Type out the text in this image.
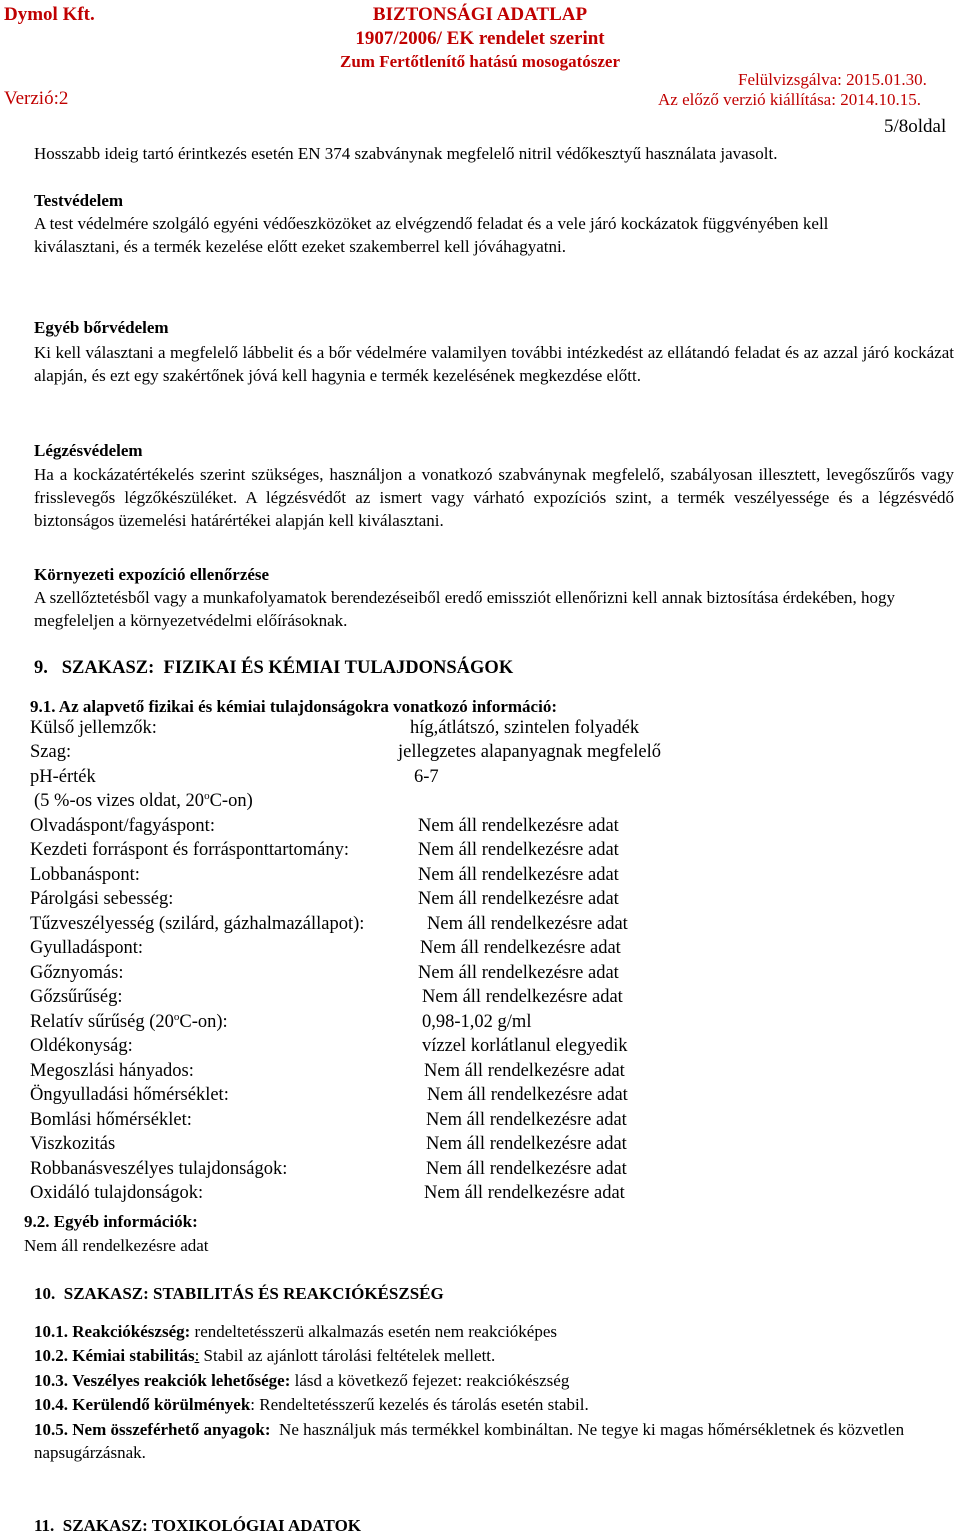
Dymol Kft.	BIZTONSÁGI ADATLAP
1907/2006/ EK rendelet szerint
Zum Fertőtlenítő hatású mosogatószer
Felülvizsgálva: 2015.01.30.
Az előző verzió kiállítása: 2014.10.15.
Verzió:2
5/8oldal
Hosszabb ideig tartó érintkezés esetén EN 374 szabványnak megfelelő nitril védőkesztyű használata javasolt.
Testvédelem
A test védelmére szolgáló egyéni védőeszközöket az elvégzendő feladat és a vele járó kockázatok függvényében kell kiválasztani, és a termék kezelése előtt ezeket szakemberrel kell jóváhagyatni.
Egyéb bőrvédelem
Ki kell választani a megfelelő lábbelit és a bőr védelmére valamilyen további intézkedést az ellátandó feladat és az azzal járó kockázat alapján, és ezt egy szakértőnek jóvá kell hagynia e termék kezelésének megkezdése előtt.
Légzésvédelem
Ha a kockázatértékelés szerint szükséges, használjon a vonatkozó szabványnak megfelelő, szabályosan illesztett, levegőszűrős vagy frisslevegős légzőkészüléket. A légzésvédőt az ismert vagy várható expozíciós szint, a termék veszélyessége és a légzésvédő biztonságos üzemelési határértékei alapján kell kiválasztani.
Környezeti expozíció ellenőrzése
A szellőztetésből vagy a munkafolyamatok berendezéseiből eredő emissziót ellenőrizni kell annak biztosítása érdekében, hogy megfeleljen a környezetvédelmi előírásoknak.
9.   SZAKASZ:  FIZIKAI ÉS KÉMIAI TULAJDONSÁGOK
9.1. Az alapvető fizikai és kémiai tulajdonságokra vonatkozó információ:
Külső jellemzők:	híg,átlátszó, szintelen folyadék
Szag:	jellegzetes alapanyagnak megfelelő
pH-érték	6-7
Olvadáspont/fagyáspont:	Nem áll rendelkezésre adat
Kezdeti forráspont és forrásponttartomány:	Nem áll rendelkezésre adat
Lobbanáspont:	Nem áll rendelkezésre adat
Párolgási sebesség:	Nem áll rendelkezésre adat
Tűzveszélyesség (szilárd, gázhalmazállapot):	Nem áll rendelkezésre adat
Gyulladáspont:	Nem áll rendelkezésre adat
Gőznyomás:	Nem áll rendelkezésre adat
Gőzsűrűség:	Nem áll rendelkezésre adat
Relatív sűrűség (20$^o$C-on):	0,98-1,02 g/ml
Oldékonyság:	vízzel korlátlanul elegyedik
Megoszlási hányados:	Nem áll rendelkezésre adat
Öngyulladási hőmérséklet:	Nem áll rendelkezésre adat
Bomlási hőmérséklet:	Nem áll rendelkezésre adat
Viszkozitás	Nem áll rendelkezésre adat
Robbanásveszélyes tulajdonságok:	Nem áll rendelkezésre adat
Oxidáló tulajdonságok:	Nem áll rendelkezésre adat
(5 %-os vizes oldat, 20$^o$C-on)
9.2. Egyéb információk:
Nem áll rendelkezésre adat
10.  SZAKASZ: STABILITÁS ÉS REAKCIÓKÉSZSÉG
10.1. Reakciókészség: rendeltetésszerü alkalmazás esetén nem reakcióképes
10.2. Kémiai stabilitás: Stabil az ajánlott tárolási feltételek mellett.
10.3. Veszélyes reakciók lehetősége: lásd a következő fejezet: reakciókészség
10.4. Kerülendő körülmények: Rendeltetésszerű kezelés és tárolás esetén stabil.
10.5. Nem összeférhető anyagok:  Ne használjuk más termékkel kombináltan. Ne tegye ki magas hőmérsékletnek és közvetlen napsugárzásnak.
11.  SZAKASZ: TOXIKOLÓGIAI ADATOK
